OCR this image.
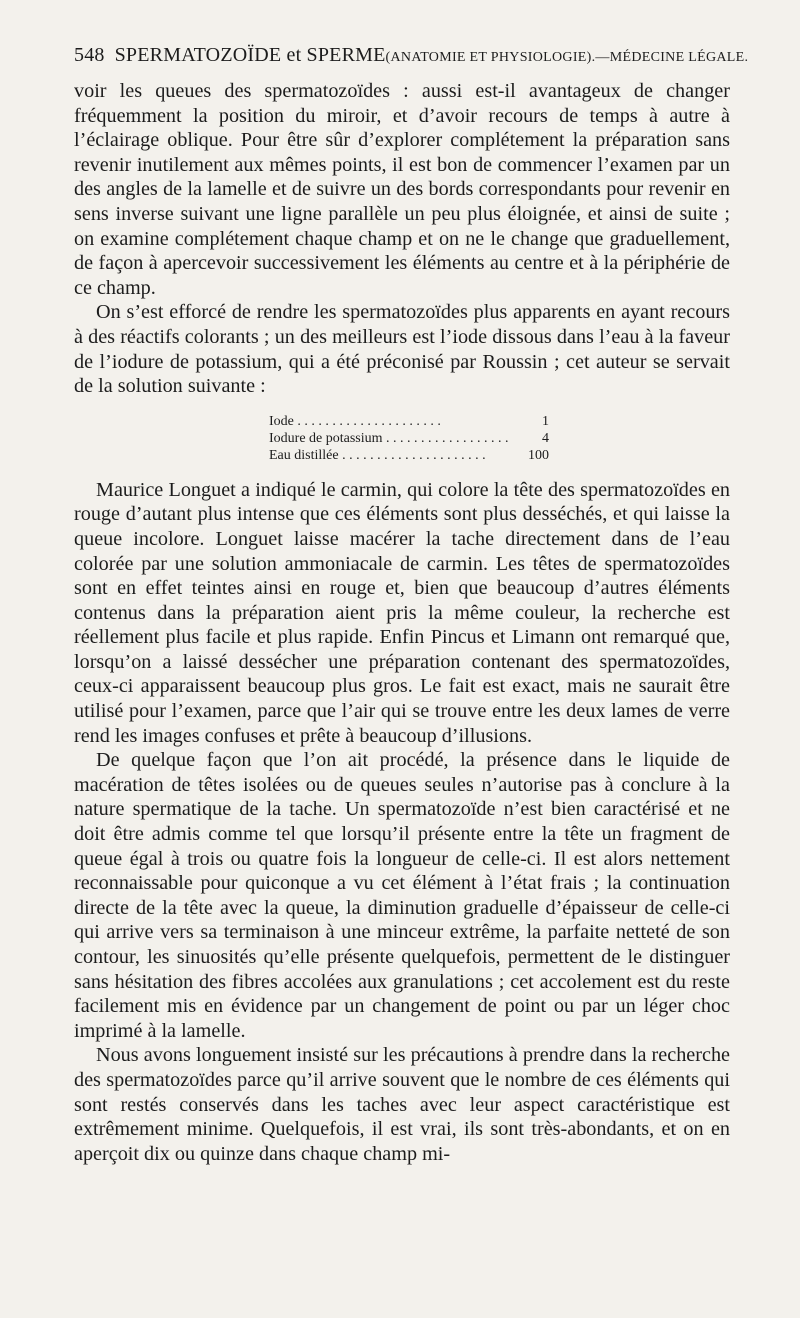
548 SPERMATOZOÏDE et SPERME (ANATOMIE ET PHYSIOLOGIE).—MÉDECINE LÉGALE.

voir les queues des spermatozoïdes : aussi est-il avantageux de changer fréquemment la position du miroir, et d’avoir recours de temps à autre à l’éclairage oblique. Pour être sûr d’explorer complétement la préparation sans revenir inutilement aux mêmes points, il est bon de commencer l’examen par un des angles de la lamelle et de suivre un des bords correspondants pour revenir en sens inverse suivant une ligne parallèle un peu plus éloignée, et ainsi de suite ; on examine complétement chaque champ et on ne le change que graduellement, de façon à apercevoir successivement les éléments au centre et à la périphérie de ce champ.

On s’est efforcé de rendre les spermatozoïdes plus apparents en ayant recours à des réactifs colorants ; un des meilleurs est l’iode dissous dans l’eau à la faveur de l’iodure de potassium, qui a été préconisé par Roussin ; cet auteur se servait de la solution suivante :

Iode . . .	1
Iodure de potassium . . .	4
Eau distillée . . .	100

Maurice Longuet a indiqué le carmin, qui colore la tête des spermatozoïdes en rouge d’autant plus intense que ces éléments sont plus desséchés, et qui laisse la queue incolore. Longuet laisse macérer la tache directement dans de l’eau colorée par une solution ammoniacale de carmin. Les têtes de spermatozoïdes sont en effet teintes ainsi en rouge et, bien que beaucoup d’autres éléments contenus dans la préparation aient pris la même couleur, la recherche est réellement plus facile et plus rapide. Enfin Pincus et Limann ont remarqué que, lorsqu’on a laissé dessécher une préparation contenant des spermatozoïdes, ceux-ci apparaissent beaucoup plus gros. Le fait est exact, mais ne saurait être utilisé pour l’examen, parce que l’air qui se trouve entre les deux lames de verre rend les images confuses et prête à beaucoup d’illusions.

De quelque façon que l’on ait procédé, la présence dans le liquide de macération de têtes isolées ou de queues seules n’autorise pas à conclure à la nature spermatique de la tache. Un spermatozoïde n’est bien caractérisé et ne doit être admis comme tel que lorsqu’il présente entre la tête un fragment de queue égal à trois ou quatre fois la longueur de celle-ci. Il est alors nettement reconnaissable pour quiconque a vu cet élément à l’état frais ; la continuation directe de la tête avec la queue, la diminution graduelle d’épaisseur de celle-ci qui arrive vers sa terminaison à une minceur extrême, la parfaite netteté de son contour, les sinuosités qu’elle présente quelquefois, permettent de le distinguer sans hésitation des fibres accolées aux granulations ; cet accolement est du reste facilement mis en évidence par un changement de point ou par un léger choc imprimé à la lamelle.

Nous avons longuement insisté sur les précautions à prendre dans la recherche des spermatozoïdes parce qu’il arrive souvent que le nombre de ces éléments qui sont restés conservés dans les taches avec leur aspect caractéristique est extrêmement minime. Quelquefois, il est vrai, ils sont très-abondants, et on en aperçoit dix ou quinze dans chaque champ mi-
